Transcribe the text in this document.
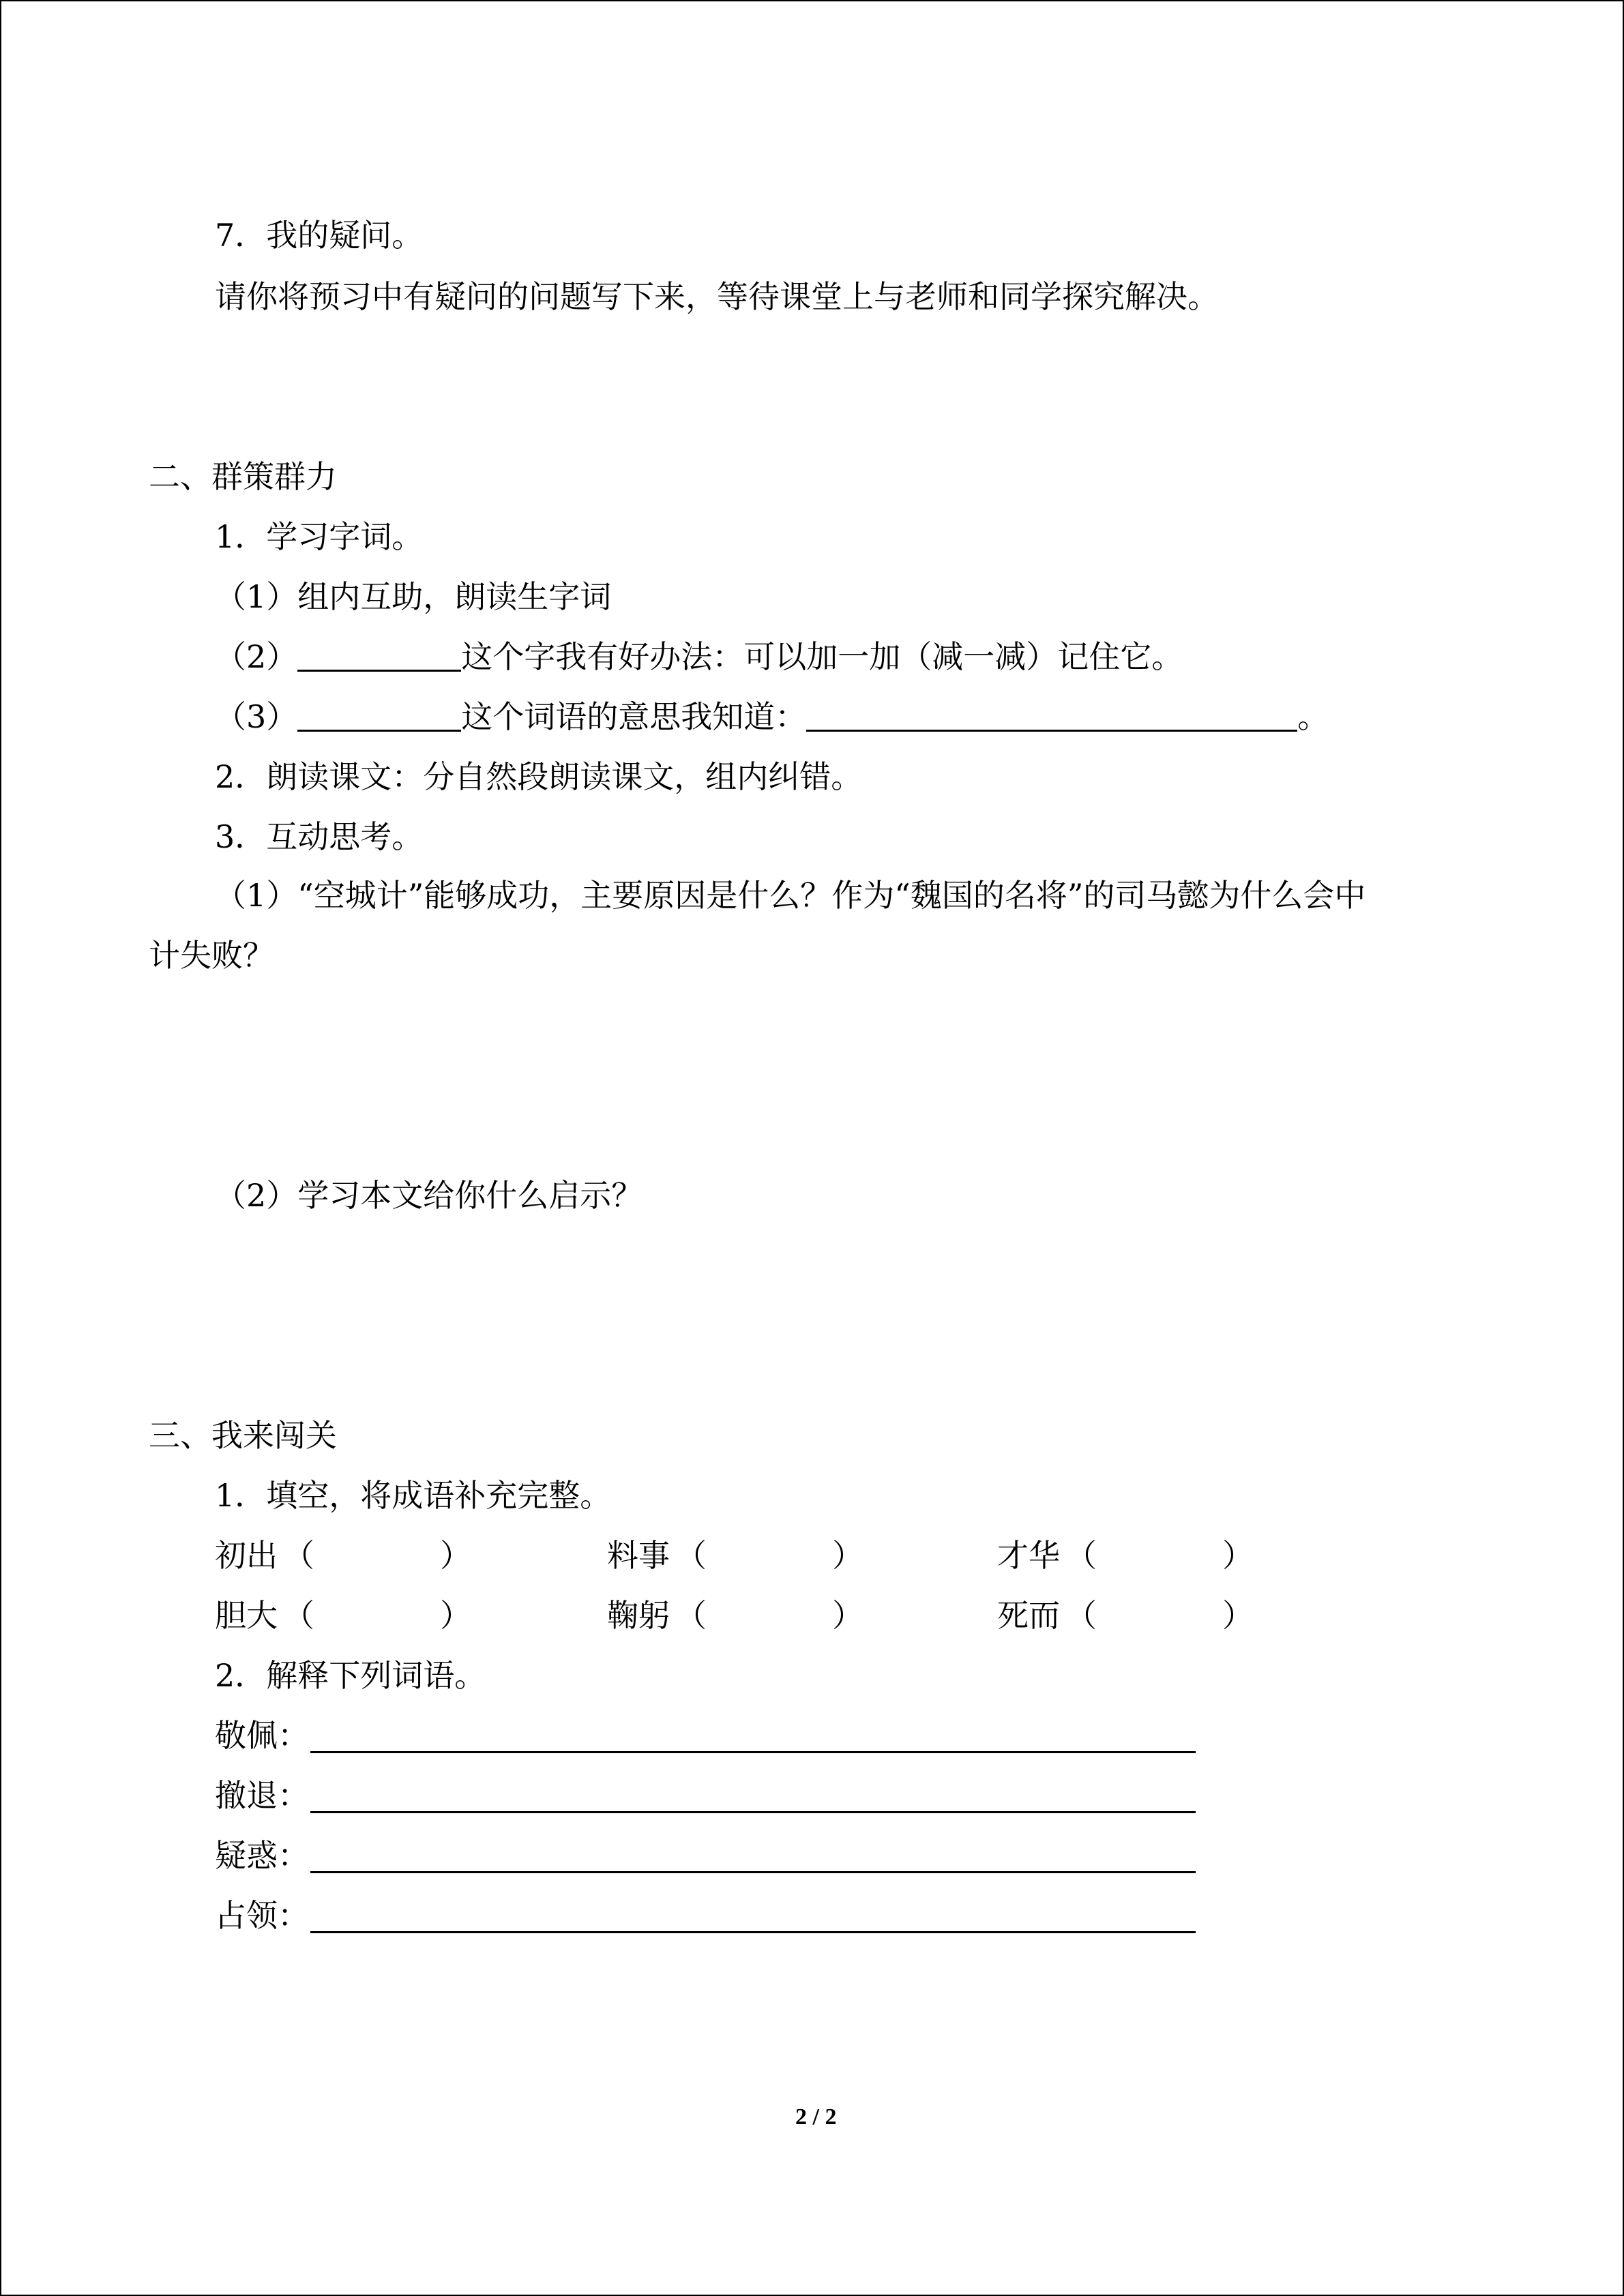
7．我的疑问。
请你将预习中有疑问的问题写下来，等待课堂上与老师和同学探究解决。
二、群策群力
1．学习字词。
（1）组内互助，朗读生字词
（2）	这个字我有好办法：可以加一加（减一减）记住它。
（3）	这个词语的意思我知道：	。
2．朗读课文：分自然段朗读课文，组内纠错。
3．互动思考。
（1）“空城计”能够成功，主要原因是什么？作为“魏国的名将”的司马懿为什么会中
计失败？
（2）学习本文给你什么启示？
三、我来闯关
1．填空，将成语补充完整。
初出 （	）	料事 （	）	才华 （	）
胆大 （	）	鞠躬 （	）	死而 （	）
2．解释下列词语。
敬佩：
撤退：
疑惑：
占领：
2 / 2
